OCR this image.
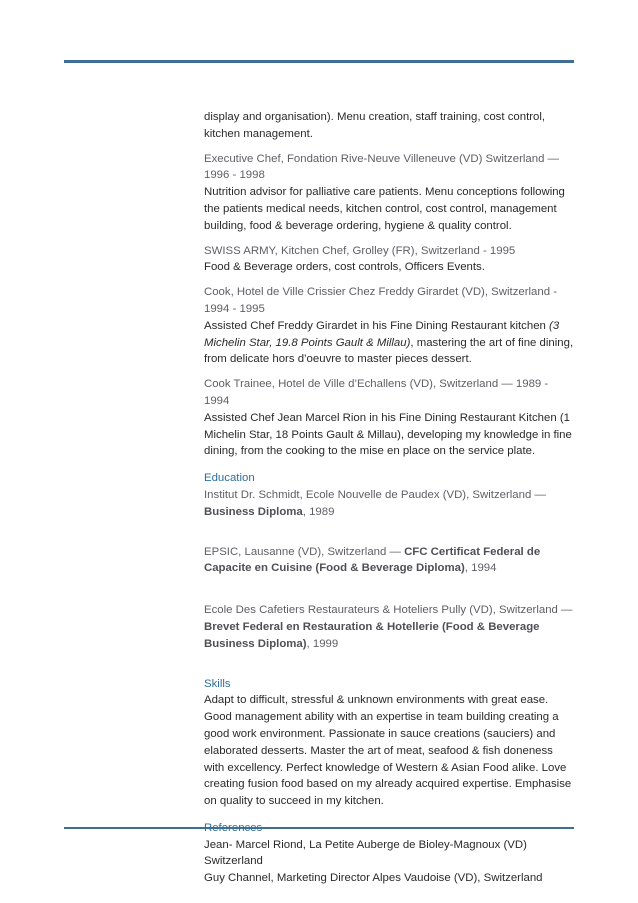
display and organisation). Menu creation, staff training, cost control, kitchen management.

Executive Chef, Fondation Rive-Neuve Villeneuve (VD) Switzerland — 1996 - 1998

Nutrition advisor for palliative care patients. Menu conceptions following the patients medical needs, kitchen control, cost control, management building, food & beverage ordering, hygiene & quality control.

SWISS ARMY, Kitchen Chef, Grolley (FR), Switzerland - 1995

Food & Beverage orders, cost controls, Officers Events.

Cook, Hotel de Ville Crissier Chez Freddy Girardet (VD), Switzerland - 1994 - 1995

Assisted Chef Freddy Girardet in his Fine Dining Restaurant kitchen (3 Michelin Star, 19.8 Points Gault & Millau), mastering the art of fine dining, from delicate hors d’oeuvre to master pieces dessert.

Cook Trainee, Hotel de Ville d’Echallens (VD), Switzerland — 1989 - 1994

Assisted Chef Jean Marcel Rion in his Fine Dining Restaurant Kitchen (1 Michelin Star, 18 Points Gault & Millau), developing my knowledge in fine dining, from the cooking to the mise en place on the service plate.

Education

Institut Dr. Schmidt, Ecole Nouvelle de Paudex (VD), Switzerland — Business Diploma, 1989

EPSIC, Lausanne (VD), Switzerland — CFC Certificat Federal de Capacite en Cuisine (Food & Beverage Diploma), 1994

Ecole Des Cafetiers Restaurateurs & Hoteliers Pully (VD), Switzerland — Brevet Federal en Restauration & Hotellerie (Food & Beverage Business Diploma), 1999

Skills

Adapt to difficult, stressful & unknown environments with great ease. Good management ability with an expertise in team building creating a good work environment. Passionate in sauce creations (sauciers) and elaborated desserts. Master the art of meat, seafood & fish doneness with excellency. Perfect knowledge of Western & Asian Food alike. Love creating fusion food based on my already acquired expertise. Emphasise on quality to succeed in my kitchen.

Jean- Marcel Riond, La Petite Auberge de Bioley-Magnoux (VD) Switzerland

Guy Channel, Marketing Director Alpes Vaudoise (VD), Switzerland
